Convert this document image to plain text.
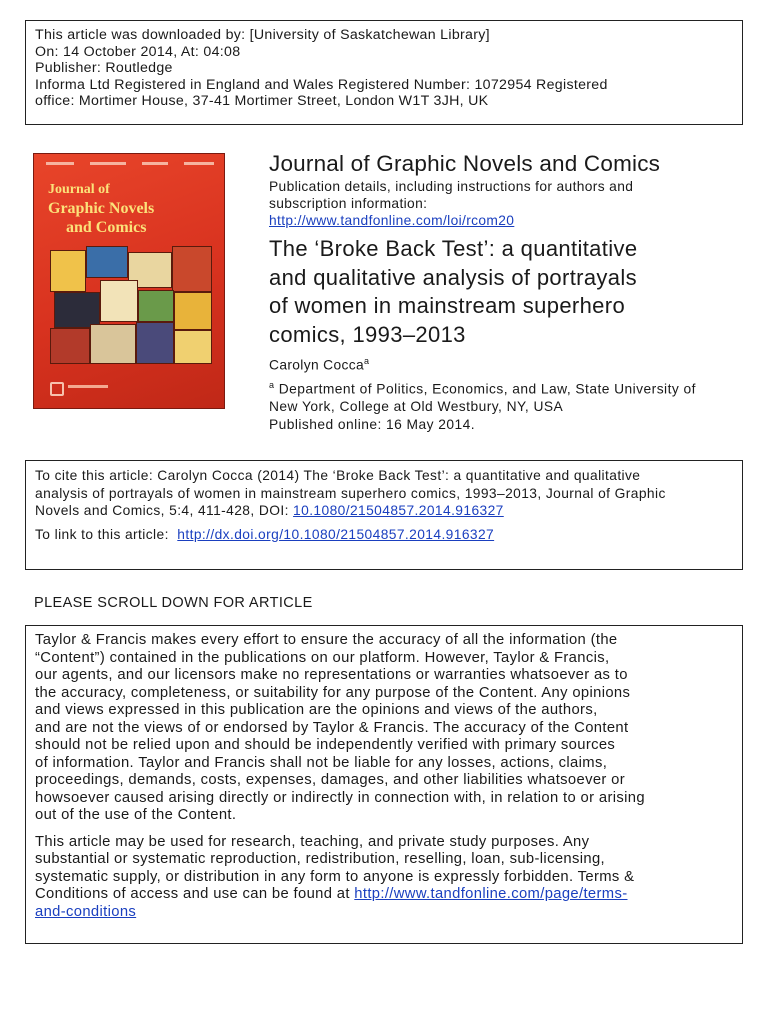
This article was downloaded by: [University of Saskatchewan Library]
On: 14 October 2014, At: 04:08
Publisher: Routledge
Informa Ltd Registered in England and Wales Registered Number: 1072954 Registered
office: Mortimer House, 37-41 Mortimer Street, London W1T 3JH, UK
Journal of
Graphic Novels
and Comics
Journal of Graphic Novels and Comics
Publication details, including instructions for authors and
subscription information:
http://www.tandfonline.com/loi/rcom20
The ‘Broke Back Test’: a quantitative
and qualitative analysis of portrayals
of women in mainstream superhero
comics, 1993–2013
Carolyn Cocca$^a$
$^a$ Department of Politics, Economics, and Law, State University of
New York, College at Old Westbury, NY, USA
Published online: 16 May 2014.
To cite this article: Carolyn Cocca (2014) The ‘Broke Back Test’: a quantitative and qualitative
analysis of portrayals of women in mainstream superhero comics, 1993–2013, Journal of Graphic
Novels and Comics, 5:4, 411-428, DOI: 10.1080/21504857.2014.916327
To link to this article:  http://dx.doi.org/10.1080/21504857.2014.916327
PLEASE SCROLL DOWN FOR ARTICLE

Taylor & Francis makes every effort to ensure the accuracy of all the information (the
“Content”) contained in the publications on our platform. However, Taylor & Francis,
our agents, and our licensors make no representations or warranties whatsoever as to
the accuracy, completeness, or suitability for any purpose of the Content. Any opinions
and views expressed in this publication are the opinions and views of the authors,
and are not the views of or endorsed by Taylor & Francis. The accuracy of the Content
should not be relied upon and should be independently verified with primary sources
of information. Taylor and Francis shall not be liable for any losses, actions, claims,
proceedings, demands, costs, expenses, damages, and other liabilities whatsoever or
howsoever caused arising directly or indirectly in connection with, in relation to or arising
out of the use of the Content.

This article may be used for research, teaching, and private study purposes. Any
substantial or systematic reproduction, redistribution, reselling, loan, sub-licensing,
systematic supply, or distribution in any form to anyone is expressly forbidden. Terms &
Conditions of access and use can be found at http://www.tandfonline.com/page/terms-
and-conditions
